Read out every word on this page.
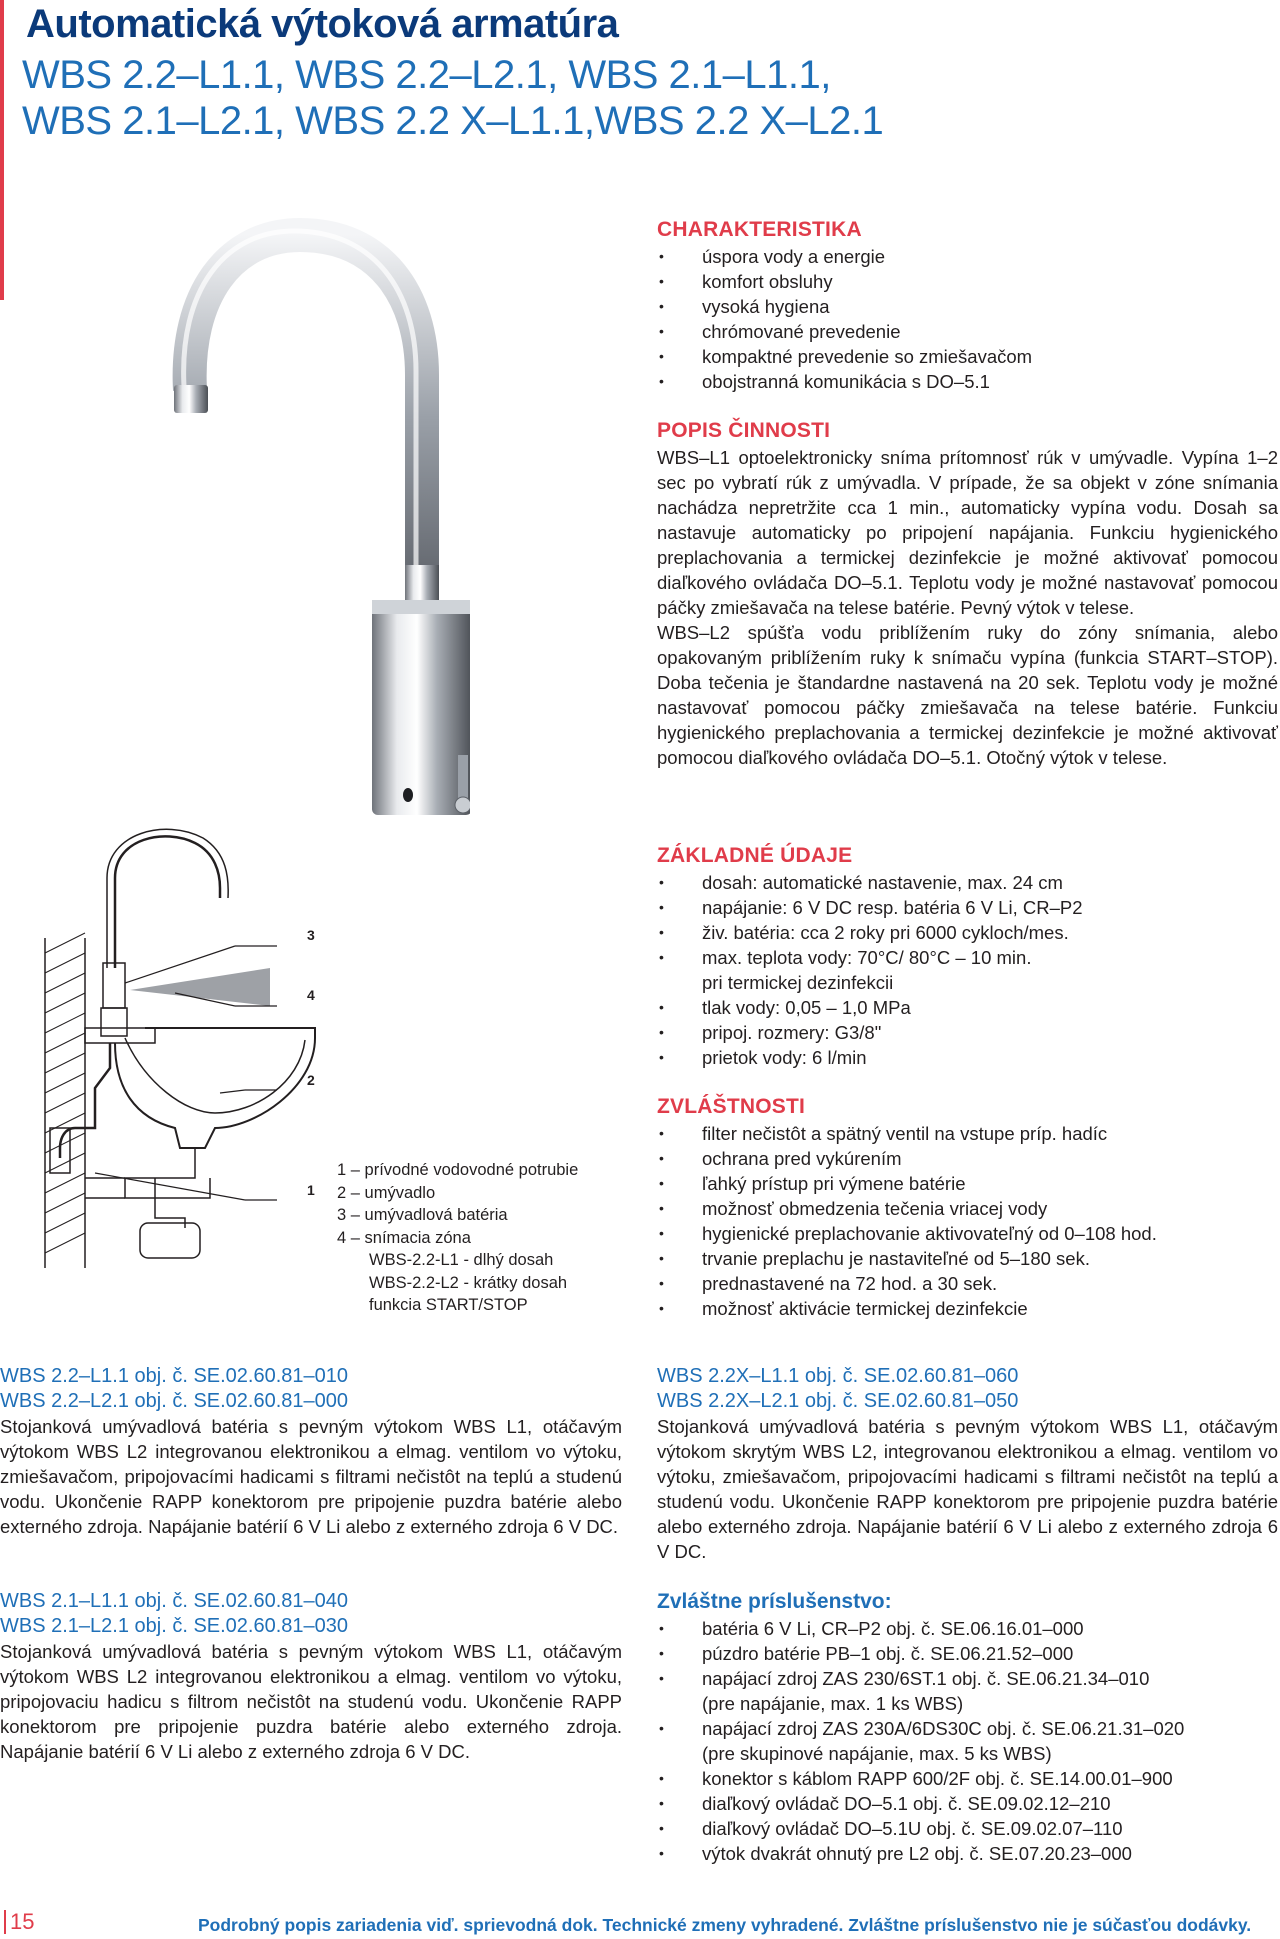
Automatická výtoková armatúra
WBS 2.2–L1.1, WBS 2.2–L2.1, WBS 2.1–L1.1,
WBS 2.1–L2.1, WBS 2.2 X–L1.1,WBS 2.2 X–L2.1
3
4
2
1
1 – prívodné vodovodné potrubie
2 – umývadlo
3 – umývadlová batéria
4 – snímacia zóna
WBS-2.2-L1 - dlhý dosah
WBS-2.2-L2 - krátky dosah
funkcia START/STOP
CHARAKTERISTIKA
• úspora vody a energie
• komfort obsluhy
• vysoká hygiena
• chrómované prevedenie
• kompaktné prevedenie so zmiešavačom
• obojstranná komunikácia s DO–5.1
POPIS ČINNOSTI

WBS–L1 optoelektronicky sníma prítomnosť rúk v umývadle. Vypína 1–2 sec po vybratí rúk z umývadla. V prípade, že sa objekt v zóne snímania nachádza nepretržite cca 1 min., automaticky vypína vodu. Dosah sa nastavuje automaticky po pripojení napájania. Funkciu hygienického preplachovania a termickej dezinfekcie je možné aktivovať pomocou diaľkového ovládača DO–5.1. Teplotu vody je možné nastavovať pomocou páčky zmiešavača na telese batérie. Pevný výtok v telese.

WBS–L2 spúšťa vodu priblížením ruky do zóny snímania, alebo opakovaným priblížením ruky k snímaču vypína (funkcia START–STOP). Doba tečenia je štandardne nastavená na 20 sek. Teplotu vody je možné nastavovať pomocou páčky zmiešavača na telese batérie. Funkciu hygienického preplachovania a termickej dezinfekcie je možné aktivovať pomocou diaľkového ovládača DO–5.1. Otočný výtok v telese.

ZÁKLADNÉ ÚDAJE
• dosah: automatické nastavenie, max. 24 cm
• napájanie: 6 V DC resp. batéria 6 V Li, CR–P2
• živ. batéria: cca 2 roky pri 6000 cykloch/mes.
• max. teplota vody: 70°C/ 80°C – 10 min.
pri termickej dezinfekcii
• tlak vody: 0,05 – 1,0 MPa
• pripoj. rozmery: G3/8"
• prietok vody: 6 l/min
ZVLÁŠTNOSTI
• filter nečistôt a spätný ventil na vstupe príp. hadíc
• ochrana pred vykúrením
• ľahký prístup pri výmene batérie
• možnosť obmedzenia tečenia vriacej vody
• hygienické preplachovanie aktivovateľný od 0–108 hod.
• trvanie preplachu je nastaviteľné od 5–180 sek.
• prednastavené na 72 hod. a 30 sek.
• možnosť aktivácie termickej dezinfekcie

WBS 2.2–L1.1 obj. č. SE.02.60.81–010

WBS 2.2–L2.1 obj. č. SE.02.60.81–000

Stojanková umývadlová batéria s pevným výtokom WBS L1, otáčavým výtokom WBS L2 integrovanou elektronikou a elmag. ventilom vo výtoku, zmiešavačom, pripojovacími hadicami s filtrami nečistôt na teplú a studenú vodu. Ukončenie RAPP konektorom pre pripojenie puzdra batérie alebo externého zdroja. Napájanie batérií 6 V Li alebo z externého zdroja 6 V DC.

WBS 2.1–L1.1 obj. č. SE.02.60.81–040

WBS 2.1–L2.1 obj. č. SE.02.60.81–030

Stojanková umývadlová batéria s pevným výtokom WBS L1, otáčavým výtokom WBS L2 integrovanou elektronikou a elmag. ventilom vo výtoku, pripojovaciu hadicu s filtrom nečistôt na studenú vodu. Ukončenie RAPP konektorom pre pripojenie puzdra batérie alebo externého zdroja. Napájanie batérií 6 V Li alebo z externého zdroja 6 V DC.

WBS 2.2X–L1.1 obj. č. SE.02.60.81–060

WBS 2.2X–L2.1 obj. č. SE.02.60.81–050

Stojanková umývadlová batéria s pevným výtokom WBS L1, otáčavým výtokom skrytým WBS L2, integrovanou elektronikou a elmag. ventilom vo výtoku, zmiešavačom, pripojovacími hadicami s filtrami nečistôt na teplú a studenú vodu. Ukončenie RAPP konektorom pre pripojenie puzdra batérie alebo externého zdroja. Napájanie batérií 6 V Li alebo z externého zdroja 6 V DC.

Zvláštne príslušenstvo:
• batéria 6 V Li, CR–P2 obj. č. SE.06.16.01–000
• púzdro batérie PB–1 obj. č. SE.06.21.52–000
• napájací zdroj ZAS 230/6ST.1 obj. č. SE.06.21.34–010
(pre napájanie, max. 1 ks WBS)
• napájací zdroj ZAS 230A/6DS30C obj. č. SE.06.21.31–020
(pre skupinové napájanie, max. 5 ks WBS)
• konektor s káblom RAPP 600/2F obj. č. SE.14.00.01–900
• diaľkový ovládač DO–5.1 obj. č. SE.09.02.12–210
• diaľkový ovládač DO–5.1U obj. č. SE.09.02.07–110
• výtok dvakrát ohnutý pre L2 obj. č. SE.07.20.23–000
15	Podrobný popis zariadenia viď. sprievodná dok. Technické zmeny vyhradené. Zvláštne príslušenstvo nie je súčasťou dodávky.
